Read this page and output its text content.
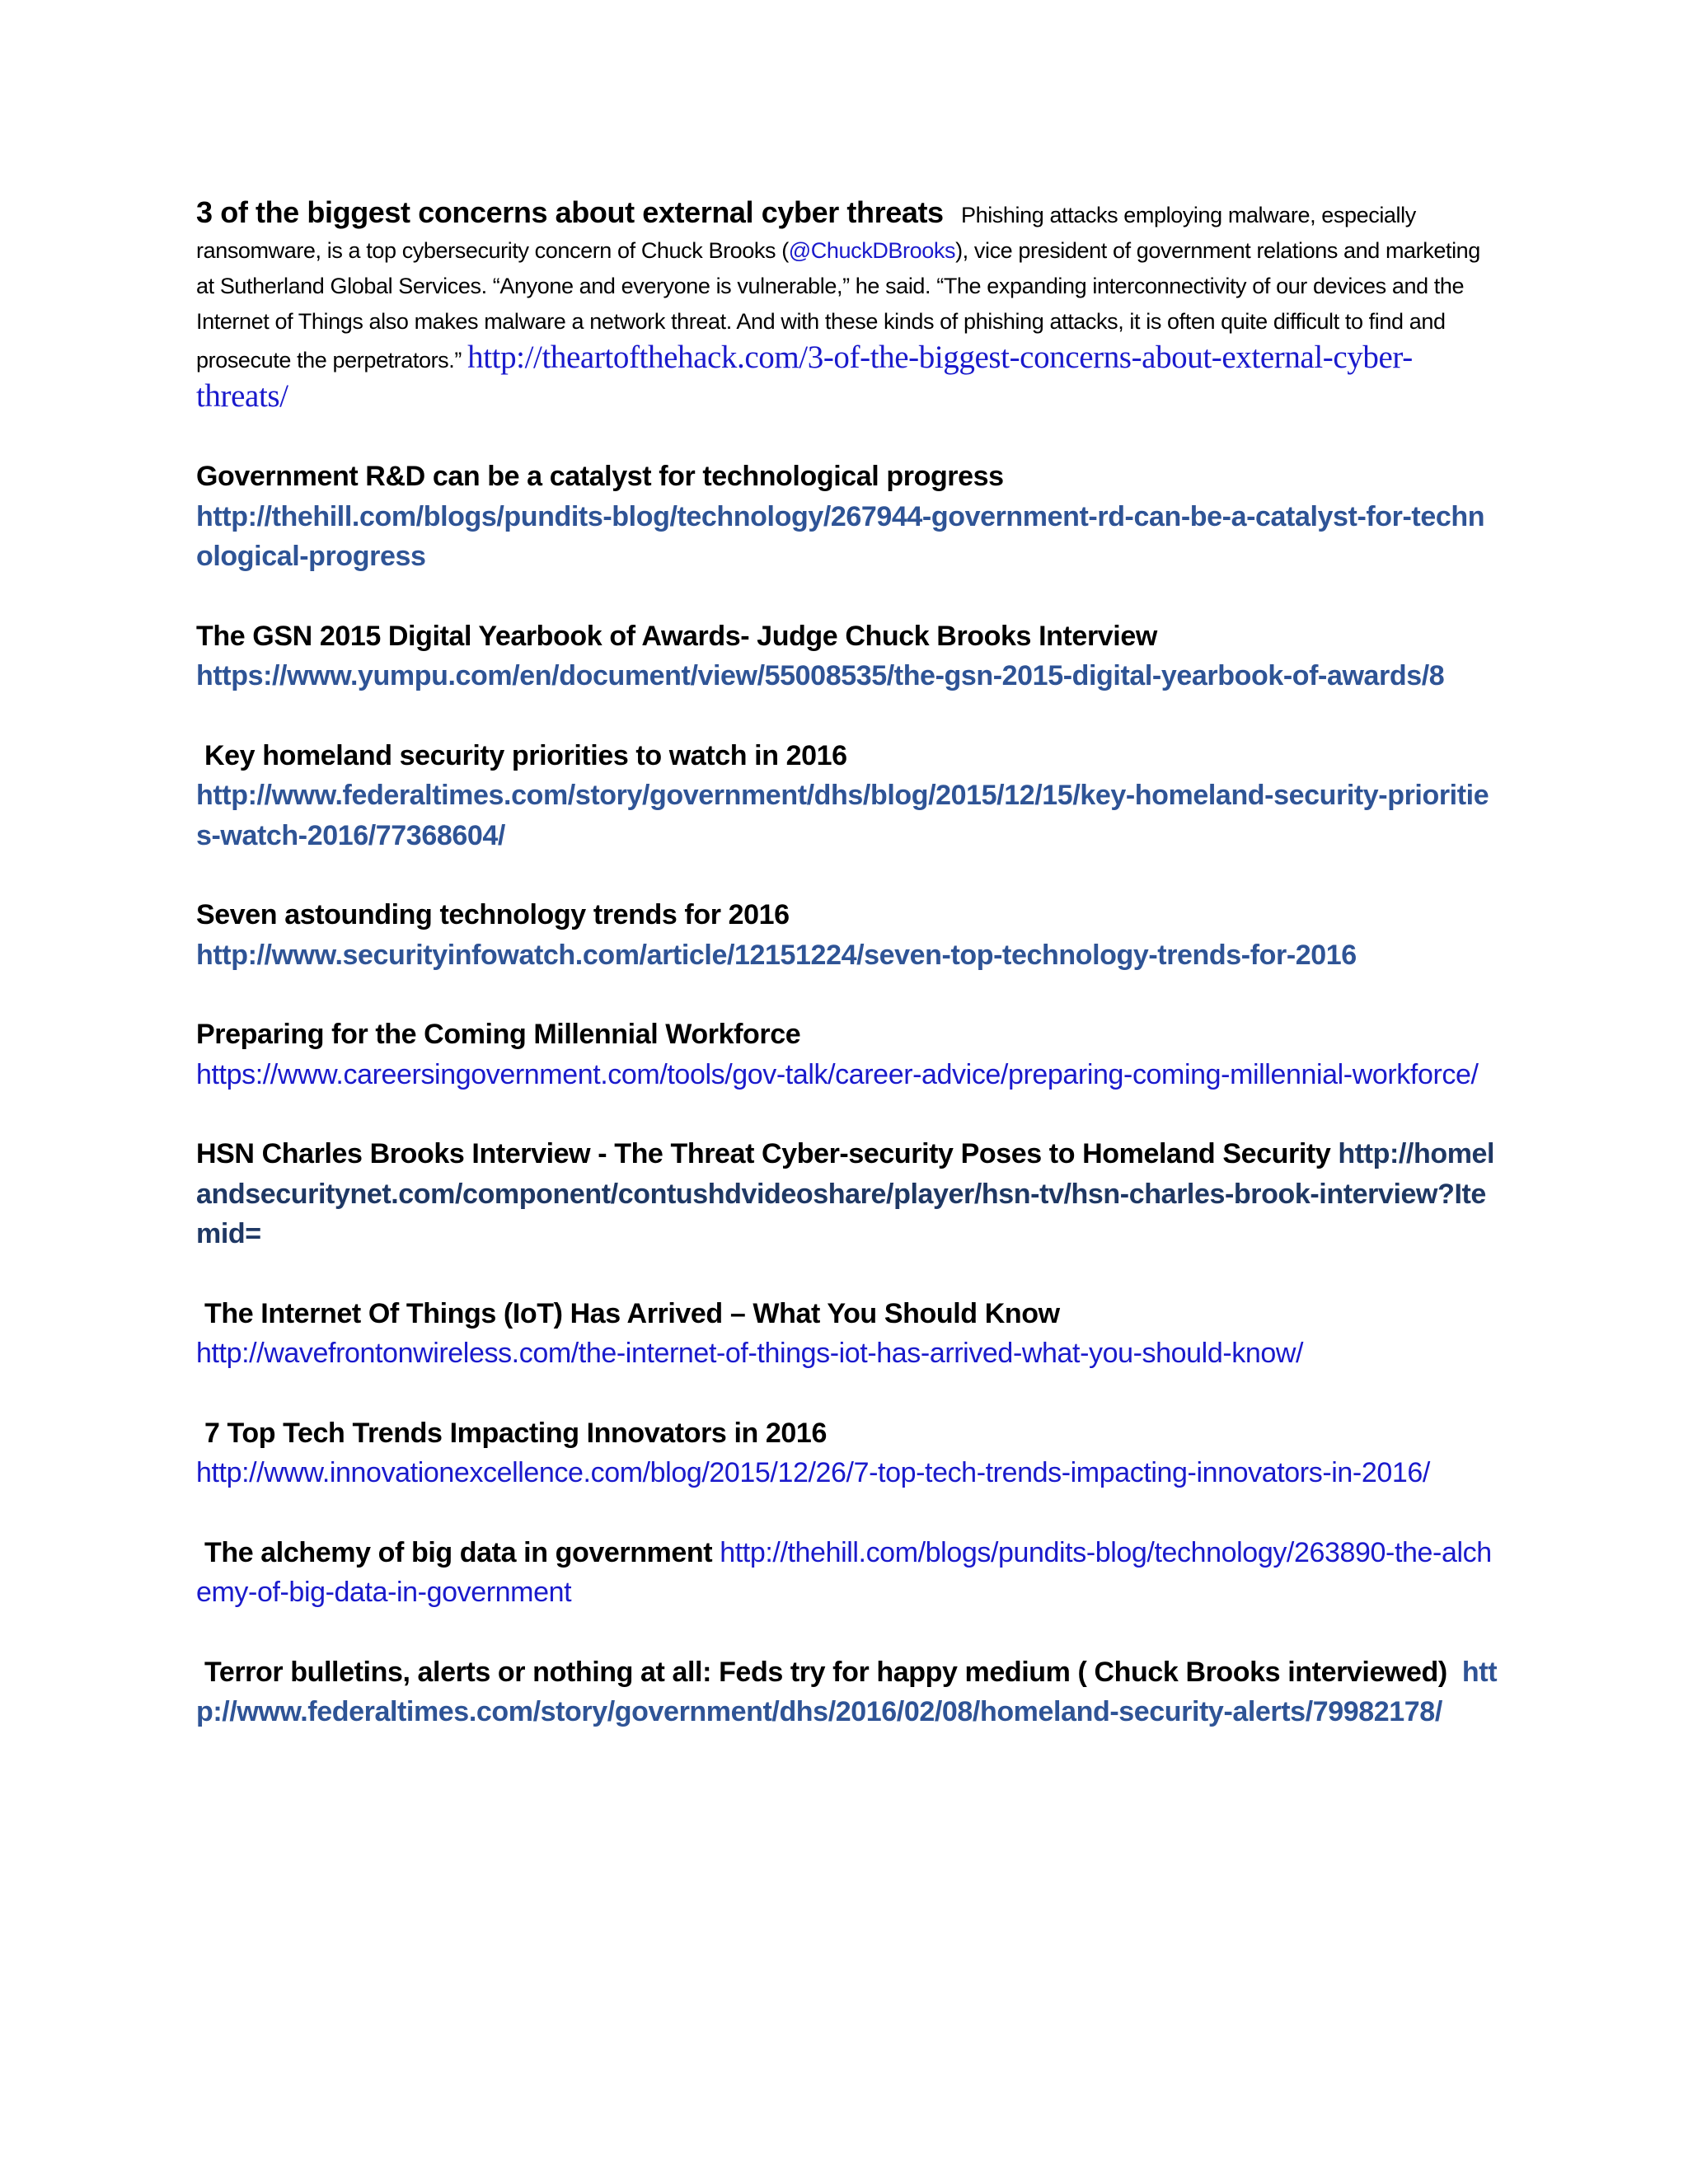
3 of the biggest concerns about external cyber threats Phishing attacks employing malware, especially ransomware, is a top cybersecurity concern of Chuck Brooks (@ChuckDBrooks), vice president of government relations and marketing at Sutherland Global Services. “Anyone and everyone is vulnerable,” he said. “The expanding interconnectivity of our devices and the Internet of Things also makes malware a network threat. And with these kinds of phishing attacks, it is often quite difficult to find and prosecute the perpetrators.” http://theartofthehack.com/3-of-the-biggest-concerns-about-external-cyber-threats/

Government R&D can be a catalyst for technological progress
http://thehill.com/blogs/pundits-blog/technology/267944-government-rd-can-be-a-catalyst-for-technological-progress

The GSN 2015 Digital Yearbook of Awards- Judge Chuck Brooks Interview
https://www.yumpu.com/en/document/view/55008535/the-gsn-2015-digital-yearbook-of-awards/8

Key homeland security priorities to watch in 2016
http://www.federaltimes.com/story/government/dhs/blog/2015/12/15/key-homeland-security-priorities-watch-2016/77368604/

Seven astounding technology trends for 2016
http://www.securityinfowatch.com/article/12151224/seven-top-technology-trends-for-2016

Preparing for the Coming Millennial Workforce
https://www.careersingovernment.com/tools/gov-talk/career-advice/preparing-coming-millennial-workforce/

HSN Charles Brooks Interview - The Threat Cyber-security Poses to Homeland Security http://homelandsecuritynet.com/component/contushdvideoshare/player/hsn-tv/hsn-charles-brook-interview?Itemid=

The Internet Of Things (IoT) Has Arrived – What You Should Know
http://wavefrontonwireless.com/the-internet-of-things-iot-has-arrived-what-you-should-know/

7 Top Tech Trends Impacting Innovators in 2016
http://www.innovationexcellence.com/blog/2015/12/26/7-top-tech-trends-impacting-innovators-in-2016/

The alchemy of big data in government http://thehill.com/blogs/pundits-blog/technology/263890-the-alchemy-of-big-data-in-government

Terror bulletins, alerts or nothing at all: Feds try for happy medium ( Chuck Brooks interviewed) http://www.federaltimes.com/story/government/dhs/2016/02/08/homeland-security-alerts/79982178/
